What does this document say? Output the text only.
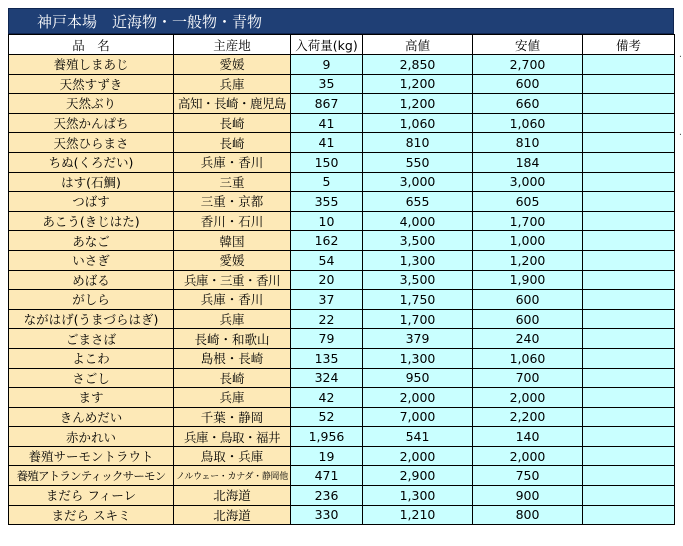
神戸本場　近海物・一般物・青物
品　名	主産地	入荷量(kg)	高値	安値	備考
養殖しまあじ	愛媛	9	2,850	2,700	
天然すずき	兵庫	35	1,200	600	
天然ぶり	高知・長崎・鹿児島	867	1,200	660	
天然かんぱち	長崎	41	1,060	1,060	
天然ひらまさ	長崎	41	810	810	
ちぬ(くろだい)	兵庫・香川	150	550	184	
はす(石鯛)	三重	5	3,000	3,000	
つばす	三重・京都	355	655	605	
あこう(きじはた)	香川・石川	10	4,000	1,700	
あなご	韓国	162	3,500	1,000	
いさぎ	愛媛	54	1,300	1,200	
めばる	兵庫・三重・香川	20	3,500	1,900	
がしら	兵庫・香川	37	1,750	600	
ながはげ(うまづらはぎ)	兵庫	22	1,700	600	
ごまさば	長崎・和歌山	79	379	240	
よこわ	島根・長崎	135	1,300	1,060	
さごし	長崎	324	950	700	
ます	兵庫	42	2,000	2,000	
きんめだい	千葉・静岡	52	7,000	2,200	
赤かれい	兵庫・鳥取・福井	1,956	541	140	
養殖サーモントラウト	鳥取・兵庫	19	2,000	2,000	
養殖アトランティックサーモン	ノルウェー・カナダ・静岡他	471	2,900	750	
まだら フィーレ	北海道	236	1,300	900	
まだら スキミ	北海道	330	1,210	800	
·
·
